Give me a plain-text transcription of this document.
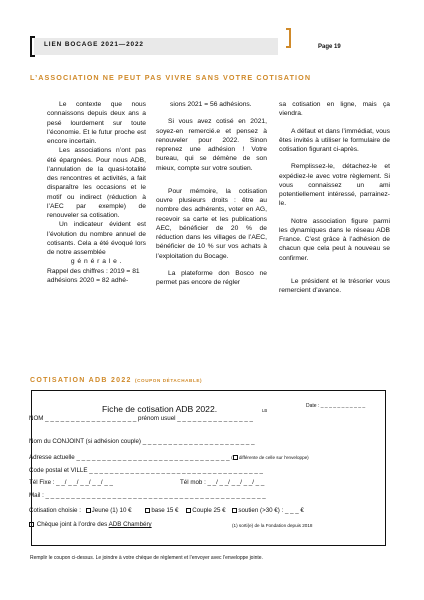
LIEN BOCAGE 2021—2022	Page 19
L’ASSOCIATION NE PEUT PAS VIVRE SANS VOTRE COTISATION

Le contexte que nous connaissons depuis deux ans a pesé lourdement sur toute l’économie. Et le futur proche est encore incertain.

Les associations n’ont pas été épargnées. Pour nous ADB, l’annulation de la quasi-totalité des rencontres et activités, a fait disparaître les occasions et le motif ou indirect (réduction à l’AEC par exemple) de renouveler sa cotisation.

Un indicateur évident est l’évolution du nombre annuel de cotisants. Cela a été évoqué lors de notre assemblée

g é n é r a l e .

Rappel des chiffres : 2019 = 81

adhésions 2020 = 82 adhé-

sions 2021 = 56 adhésions.

Si vous avez cotisé en 2021, soyez-en remercié.e et pensez à renouveler pour 2022. Sinon reprenez une adhésion ! Votre bureau, qui se démène de son mieux, compte sur votre soutien.

Pour mémoire, la cotisation ouvre plusieurs droits : être au nombre des adhérents, voter en AG, recevoir sa carte et les publications AEC, bénéficier de 20 % de réduction dans les villages de l’AEC, bénéficier de 10 % sur vos achats à l’exploitation du Bocage.

La plateforme don Bosco ne permet pas encore de régler

sa cotisation en ligne, mais ça viendra.

A défaut et dans l’immédiat, vous êtes invités à utiliser le formulaire de cotisation figurant ci-après.

Remplissez-le, détachez-le et expédiez-le avec votre règlement. Si vous connaissez un ami potentiellement intéressé, parrainez-le.

Notre association figure parmi les dynamiques dans le réseau ADB France. C’est grâce à l’adhésion de chacun que cela peut à nouveau se confirmer.

Le président et le trésorier vous remercient d’avance.

COTISATION ADB 2022 (COUPON DÉTACHABLE)
Fiche de cotisation ADB 2022.	LB
Date : _ _ _ _ _ _ _ _ _ _ _
NOM _ _ _ _ _ _ _ _ _ _ _ _ _ _ _ _ _ _ prénom usuel _ _ _ _ _ _ _ _ _ _ _ _ _ _ _
Nom du CONJOINT (si adhésion couple) _ _ _ _ _ _ _ _ _ _ _ _ _ _ _ _ _ _ _ _ _ _
Adresse actuelle _ _ _ _ _ _ _ _ _ _ _ _ _ _ _ _ _ _ _ _ _ _ _ _ _ _ _ _ _ _ ( différente de celle sur l’enveloppe)
Code postal et VILLE _ _ _ _ _ _ _ _ _ _ _ _ _ _ _ _ _ _ _ _ _ _ _ _ _ _ _ _ _ _ _ _ _ _
Tél Fixe : _ _/ _ _/ _ _/ _ _/ _ _	Tél mob : _ _/ _ _/ _ _/ _ _/ _ _
Mail : _ _ _ _ _ _ _ _ _ _ _ _ _ _ _ _ _ _ _ _ _ _ _ _ _ _ _ _ _ _ _ _ _ _ _ _ _ _ _ _ _ _ _
Cotisation choisie : Jeune (1) 10 €	base 15 € Couple 25 € soutien (>30 €) : _ _ _ €
Chèque joint à l’ordre des ADB Chambéry	(1) sorti(e) de la Fondation depuis 2018
Remplir le coupon ci-dessus. Le joindre à votre chèque de règlement et l’envoyer avec l’enveloppe jointe.
